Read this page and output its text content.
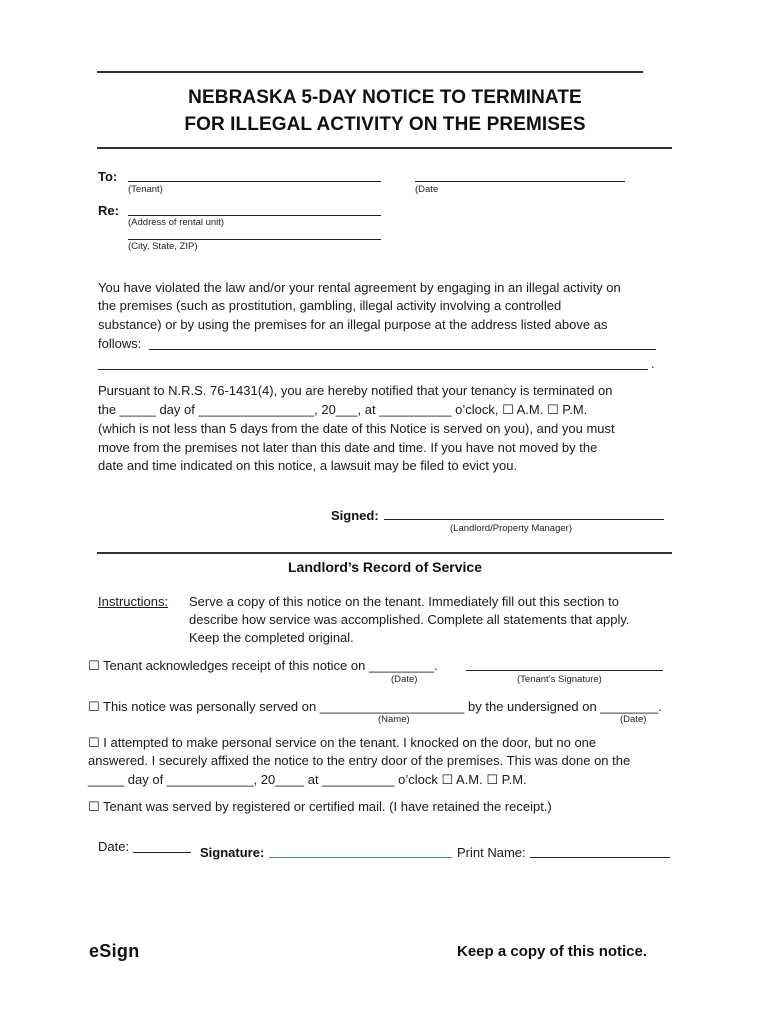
NEBRASKA 5-DAY NOTICE TO TERMINATE
FOR ILLEGAL ACTIVITY ON THE PREMISES
To:
(Tenant)	(Date
Re:
(Address of rental unit)
(City, State, ZIP)
You have violated the law and/or your rental agreement by engaging in an illegal activity on
the premises (such as prostitution, gambling, illegal activity involving a controlled
substance) or by using the premises for an illegal purpose at the address listed above as
follows:
.
Pursuant to N.R.S. 76-1431(4), you are hereby notified that your tenancy is terminated on
the _____ day of ________________, 20___, at __________ o’clock, ☐ A.M. ☐ P.M.
(which is not less than 5 days from the date of this Notice is served on you), and you must
move from the premises not later than this date and time. If you have not moved by the
date and time indicated on this notice, a lawsuit may be filed to evict you.
Signed:
(Landlord/Property Manager)
Landlord’s Record of Service
Instructions: Serve a copy of this notice on the tenant. Immediately fill out this section to
describe how service was accomplished. Complete all statements that apply.
Keep the completed original.
☐ Tenant acknowledges receipt of this notice on _________.
(Date)	(Tenant’s Signature)
☐ This notice was personally served on ____________________ by the undersigned on ________.
(Name)	(Date)
☐ I attempted to make personal service on the tenant. I knocked on the door, but no one
answered. I securely affixed the notice to the entry door of the premises. This was done on the
_____ day of ____________, 20____ at __________ o’clock ☐ A.M. ☐ P.M.
☐ Tenant was served by registered or certified mail. (I have retained the receipt.)
Date:	Signature:	Print Name:
eSign	Keep a copy of this notice.
